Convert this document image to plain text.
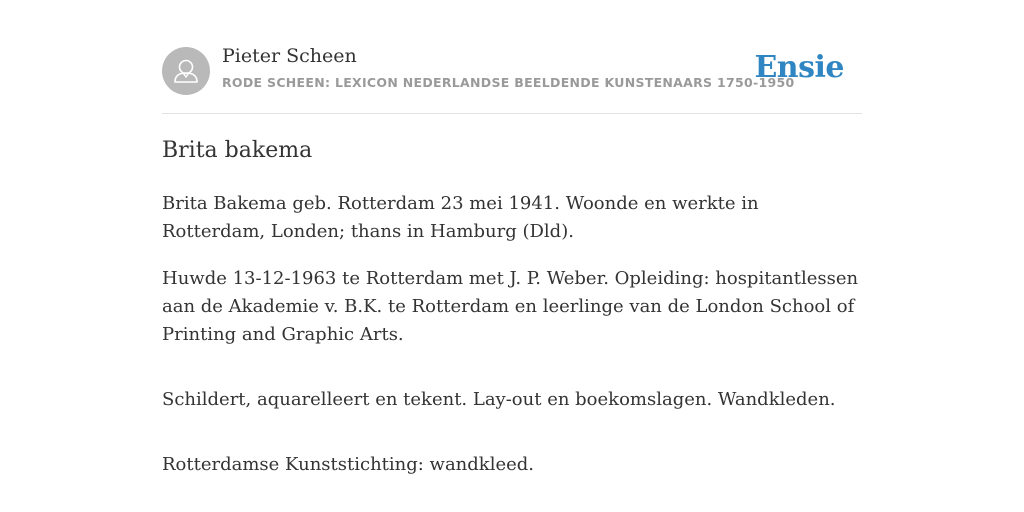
Pieter Scheen
RODE SCHEEN: LEXICON NEDERLANDSE BEELDENDE KUNSTENAARS 1750-1950
Ensie
Brita bakema

Brita Bakema geb. Rotterdam 23 mei 1941. Woonde en werkte in Rotterdam, Londen; thans in Hamburg (Dld).

Huwde 13-12-1963 te Rotterdam met J. P. Weber. Opleiding: hospitantlessen aan de Akademie v. B.K. te Rotterdam en leerlinge van de London School of Printing and Graphic Arts.

Schildert, aquarelleert en tekent. Lay-out en boekomslagen. Wandkleden.

Rotterdamse Kunststichting: wandkleed.
